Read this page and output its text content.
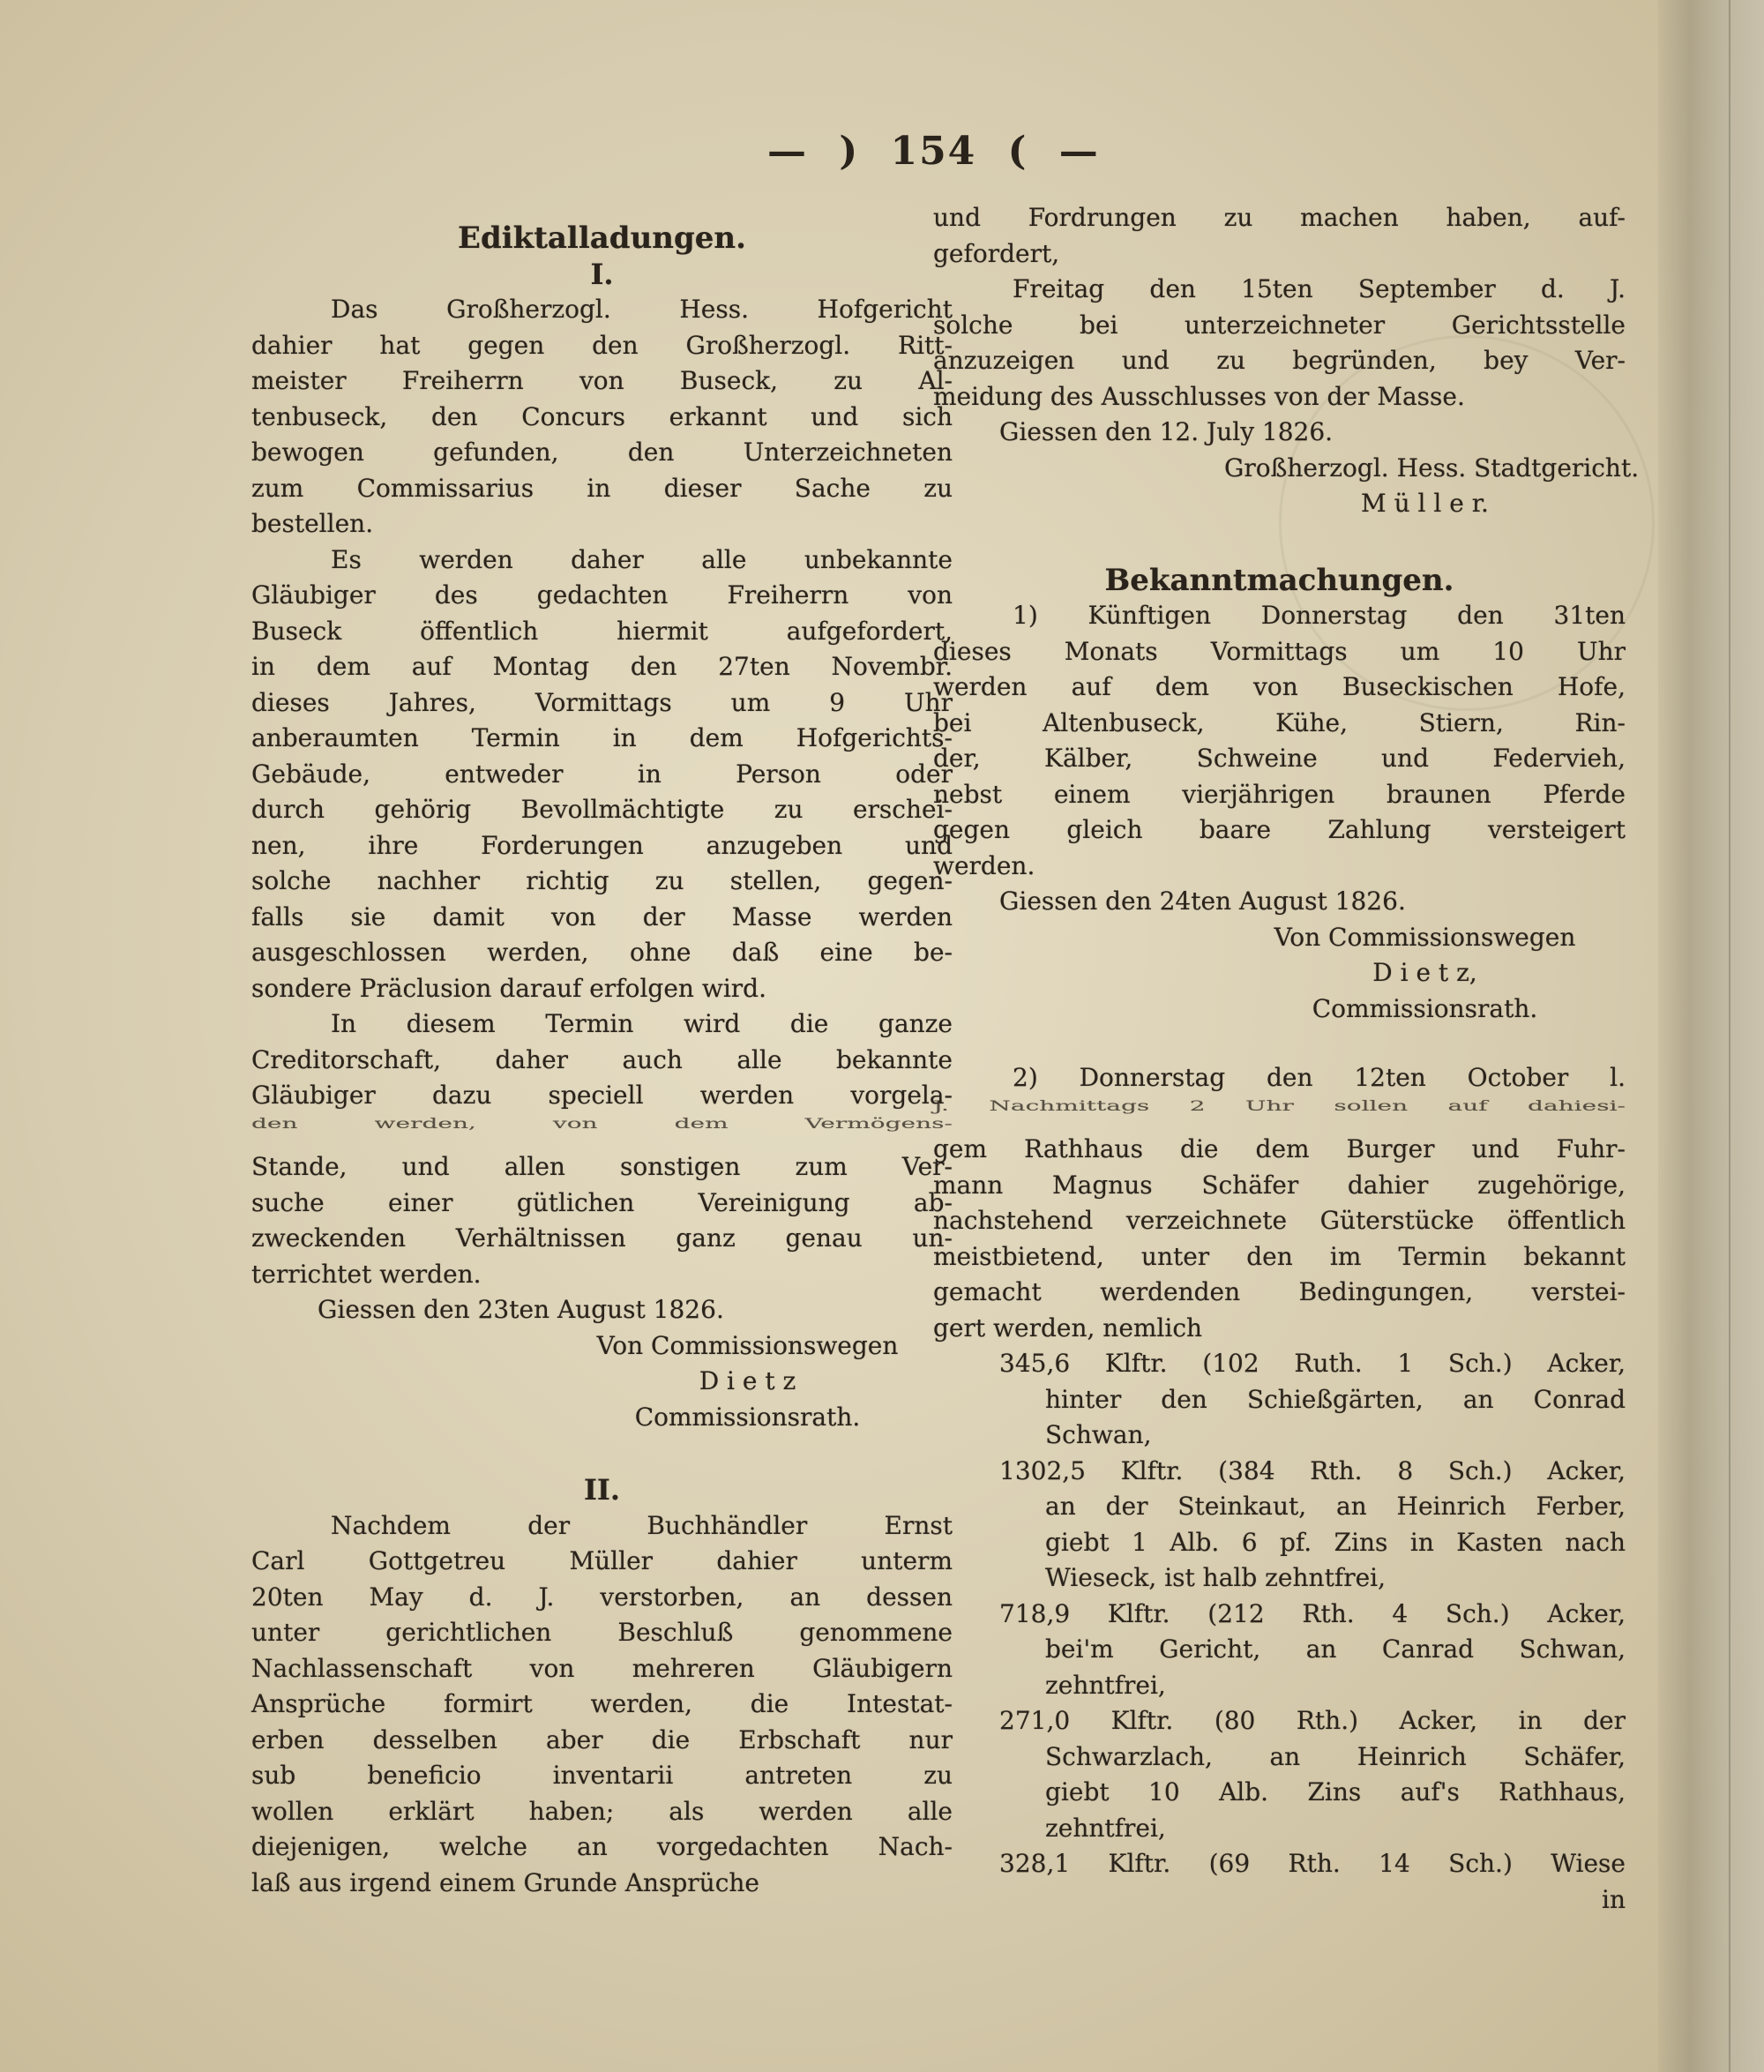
— ) 154 ( —
Ediktalladungen.
I.
Das Großherzogl. Hess. Hofgericht
dahier hat gegen den Großherzogl. Ritt-
meister Freiherrn von Buseck, zu Al-
tenbuseck, den Concurs erkannt und sich
bewogen gefunden, den Unterzeichneten
zum Commissarius in dieser Sache zu
bestellen.
Es werden daher alle unbekannte
Gläubiger des gedachten Freiherrn von
Buseck öffentlich hiermit aufgefordert,
in dem auf Montag den 27ten Novembr.
dieses Jahres, Vormittags um 9 Uhr
anberaumten Termin in dem Hofgerichts-
Gebäude, entweder in Person oder
durch gehörig Bevollmächtigte zu erschei-
nen, ihre Forderungen anzugeben und
solche nachher richtig zu stellen, gegen-
falls sie damit von der Masse werden
ausgeschlossen werden, ohne daß eine be-
sondere Präclusion darauf erfolgen wird.
In diesem Termin wird die ganze
Creditorschaft, daher auch alle bekannte
Gläubiger dazu speciell werden vorgela-
den werden, von dem Vermögens-
Stande, und allen sonstigen zum Ver-
suche einer gütlichen Vereinigung ab-
zweckenden Verhältnissen ganz genau un-
terrichtet werden.
Giessen den 23ten August 1826.
Von Commissionswegen
D i e t z
Commissionsrath.
II.
Nachdem der Buchhändler Ernst
Carl Gottgetreu Müller dahier unterm
20ten May d. J. verstorben, an dessen
unter gerichtlichen Beschluß genommene
Nachlassenschaft von mehreren Gläubigern
Ansprüche formirt werden, die Intestat-
erben desselben aber die Erbschaft nur
sub beneficio inventarii antreten zu
wollen erklärt haben; als werden alle
diejenigen, welche an vorgedachten Nach-
laß aus irgend einem Grunde Ansprüche
und Fordrungen zu machen haben, auf-
gefordert,
Freitag den 15ten September d. J.
solche bei unterzeichneter Gerichtsstelle
anzuzeigen und zu begründen, bey Ver-
meidung des Ausschlusses von der Masse.
Giessen den 12. July 1826.
Großherzogl. Hess. Stadtgericht.
M ü l l e r.
Bekanntmachungen.
1) Künftigen Donnerstag den 31ten
dieses Monats Vormittags um 10 Uhr
werden auf dem von Buseckischen Hofe,
bei Altenbuseck, Kühe, Stiern, Rin-
der, Kälber, Schweine und Federvieh,
nebst einem vierjährigen braunen Pferde
gegen gleich baare Zahlung versteigert
werden.
Giessen den 24ten August 1826.
Von Commissionswegen
D i e t z,
Commissionsrath.
2) Donnerstag den 12ten October l.
J. Nachmittags 2 Uhr sollen auf dahiesi-
gem Rathhaus die dem Burger und Fuhr-
mann Magnus Schäfer dahier zugehörige,
nachstehend verzeichnete Güterstücke öffentlich
meistbietend, unter den im Termin bekannt
gemacht werdenden Bedingungen, verstei-
gert werden, nemlich
345,6 Klftr. (102 Ruth. 1 Sch.) Acker,
hinter den Schießgärten, an Conrad
Schwan,
1302,5 Klftr. (384 Rth. 8 Sch.) Acker,
an der Steinkaut, an Heinrich Ferber,
giebt 1 Alb. 6 pf. Zins in Kasten nach
Wieseck, ist halb zehntfrei,
718,9 Klftr. (212 Rth. 4 Sch.) Acker,
bei'm Gericht, an Canrad Schwan,
zehntfrei,
271,0 Klftr. (80 Rth.) Acker, in der
Schwarzlach, an Heinrich Schäfer,
giebt 10 Alb. Zins auf's Rathhaus,
zehntfrei,
328,1 Klftr. (69 Rth. 14 Sch.) Wiese
in
